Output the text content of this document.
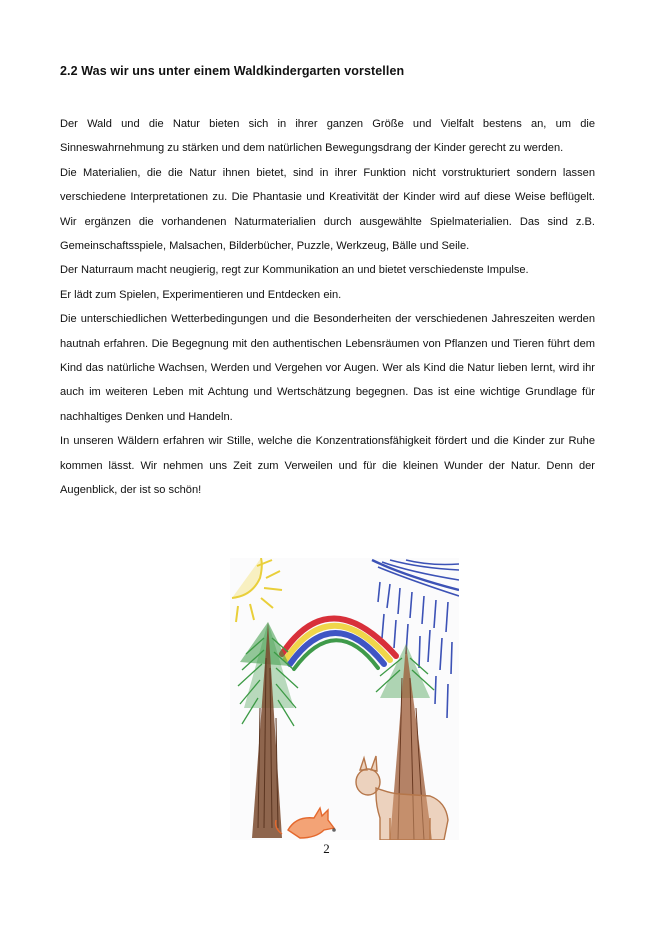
2.2 Was wir uns unter einem Waldkindergarten vorstellen

Der Wald und die Natur bieten sich in ihrer ganzen Größe und Vielfalt bestens an, um die Sinneswahrnehmung zu stärken und dem natürlichen Bewegungsdrang der Kinder gerecht zu werden.

Die Materialien, die die Natur ihnen bietet, sind in ihrer Funktion nicht vorstrukturiert sondern lassen verschiedene Interpretationen zu. Die Phantasie und Kreativität der Kinder wird auf diese Weise beflügelt. Wir ergänzen die vorhandenen Naturmaterialien durch ausgewählte Spielmaterialien. Das sind z.B. Gemeinschaftsspiele, Malsachen, Bilderbücher, Puzzle, Werkzeug, Bälle und Seile.

Der Naturraum macht neugierig, regt zur Kommunikation an und bietet verschiedenste Impulse.

Er lädt zum Spielen, Experimentieren und Entdecken ein.

Die unterschiedlichen Wetterbedingungen und die Besonderheiten der verschiedenen Jahreszeiten werden hautnah erfahren. Die Begegnung mit den authentischen Lebensräumen von Pflanzen und Tieren führt dem Kind das natürliche Wachsen, Werden und Vergehen vor Augen. Wer als Kind die Natur lieben lernt, wird ihr auch im weiteren Leben mit Achtung und Wertschätzung begegnen. Das ist eine wichtige Grundlage für nachhaltiges Denken und Handeln.

In unseren Wäldern erfahren wir Stille, welche die Konzentrationsfähigkeit fördert und die Kinder zur Ruhe kommen lässt. Wir nehmen uns Zeit zum Verweilen und für die kleinen Wunder der Natur. Denn der Augenblick, der ist so schön!

2
